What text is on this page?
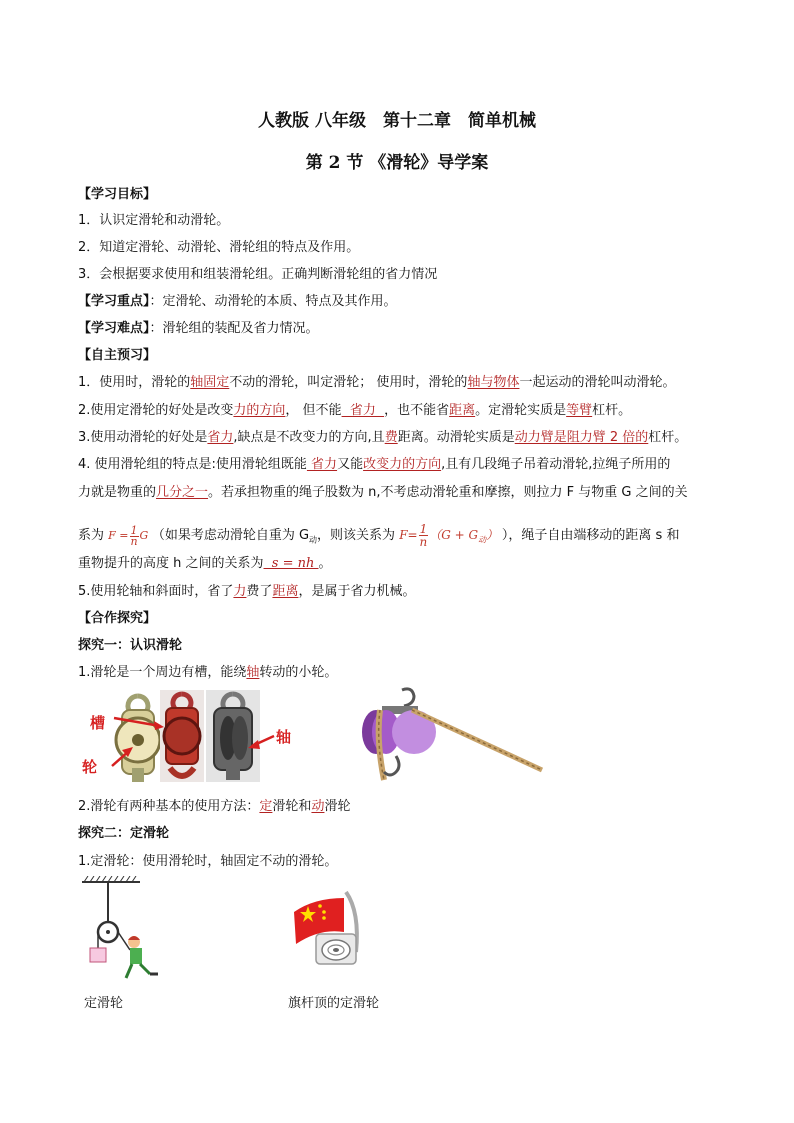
人教版 八年级　第十二章　简单机械
第 2 节 《滑轮》导学案
【学习目标】
1．认识定滑轮和动滑轮。
2．知道定滑轮、动滑轮、滑轮组的特点及作用。
3．会根据要求使用和组装滑轮组。正确判断滑轮组的省力情况
【学习重点】：定滑轮、动滑轮的本质、特点及其作用。
【学习难点】：滑轮组的装配及省力情况。
【自主预习】
1．使用时，滑轮的轴固定不动的滑轮，叫定滑轮； 使用时，滑轮的轴与物体一起运动的滑轮叫动滑轮。
2.使用定滑轮的好处是改变力的方向， 但不能  省力  ，也不能省距离。定滑轮实质是等臂杠杆。
3.使用动滑轮的好处是省力,缺点是不改变力的方向,且费距离。动滑轮实质是动力臂是阻力臂 2 倍的杠杆。
4. 使用滑轮组的特点是:使用滑轮组既能 省力又能改变力的方向,且有几段绳子吊着动滑轮,拉绳子所用的
力就是物重的几分之一。若承担物重的绳子股数为 n,不考虑动滑轮重和摩擦，则拉力 F 与物重 G 之间的关
系为 $F = \frac{1}{n}$ G （如果考虑动滑轮自重为 $G_动$，则该关系为 $F= \frac{1}{n} (G + G_动)$ ），绳子自由端移动的距离 s 和
重物提升的高度 h 之间的关系为  s = nh 。
5.使用轮轴和斜面时，省了力费了距离，是属于省力机械。
【合作探究】
探究一：认识滑轮
1.滑轮是一个周边有槽，能绕轴转动的小轮。
槽
轮
轴
2.滑轮有两种基本的使用方法：定滑轮和动滑轮
探究二：定滑轮
1.定滑轮：使用滑轮时，轴固定不动的滑轮。
定滑轮	旗杆顶的定滑轮
